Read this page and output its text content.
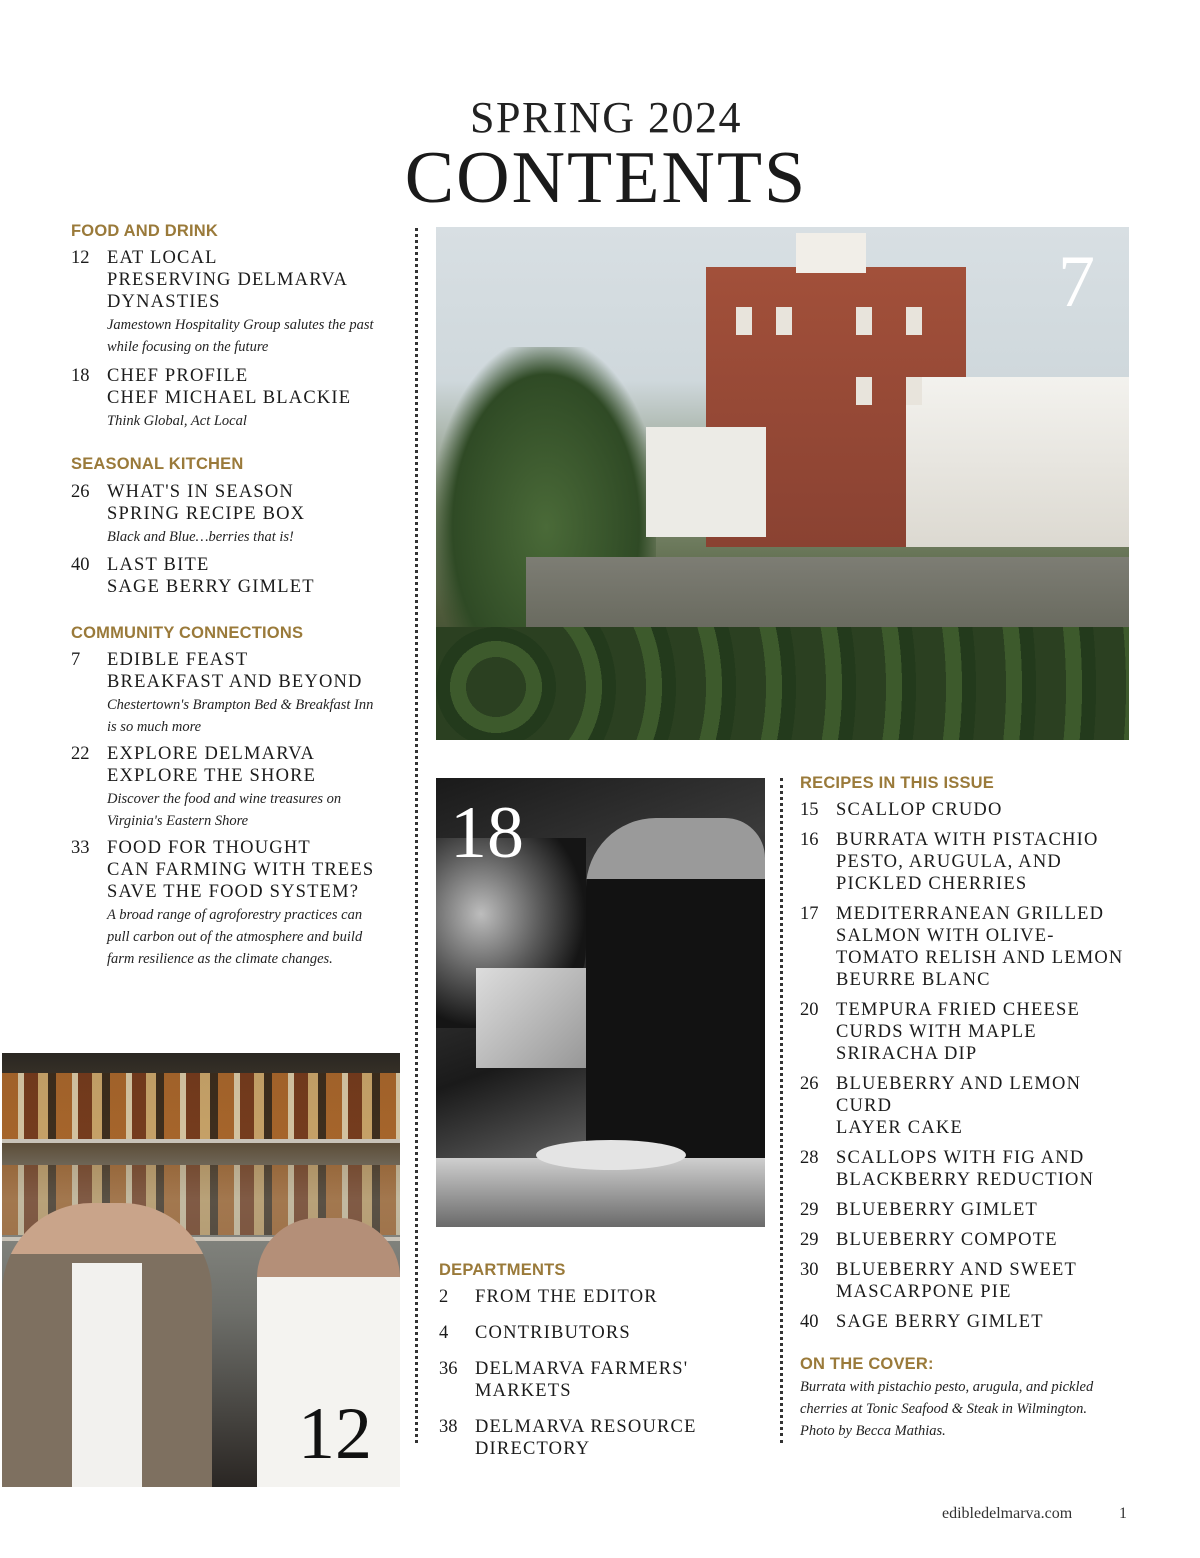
SPRING 2024
CONTENTS
FOOD AND DRINK
12 EAT LOCAL
PRESERVING DELMARVA
DYNASTIES
Jamestown Hospitality Group salutes the past
while focusing on the future
18 CHEF PROFILE
CHEF MICHAEL BLACKIE
Think Global, Act Local
SEASONAL KITCHEN
26 WHAT'S IN SEASON
SPRING RECIPE BOX
Black and Blue…berries that is!
40 LAST BITE
SAGE BERRY GIMLET
COMMUNITY CONNECTIONS
7	EDIBLE FEAST
BREAKFAST AND BEYOND
Chestertown's Brampton Bed & Breakfast Inn
is so much more
22 EXPLORE DELMARVA
EXPLORE THE SHORE
Discover the food and wine treasures on
Virginia's Eastern Shore
33 FOOD FOR THOUGHT
CAN FARMING WITH TREES
SAVE THE FOOD SYSTEM?
A broad range of agroforestry practices can
pull carbon out of the atmosphere and build
farm resilience as the climate changes.
7
18
12
DEPARTMENTS
2	FROM THE EDITOR
4	CONTRIBUTORS
36 DELMARVA FARMERS' MARKETS
38 DELMARVA RESOURCE
DIRECTORY
RECIPES IN THIS ISSUE
15 SCALLOP CRUDO
16 BURRATA WITH PISTACHIO
PESTO, ARUGULA, AND
PICKLED CHERRIES
17 MEDITERRANEAN GRILLED
SALMON WITH OLIVE-
TOMATO RELISH AND LEMON
BEURRE BLANC
20 TEMPURA FRIED CHEESE
CURDS WITH MAPLE
SRIRACHA DIP
26 BLUEBERRY AND LEMON CURD
LAYER CAKE
28 SCALLOPS WITH FIG AND
BLACKBERRY REDUCTION
29 BLUEBERRY GIMLET
29 BLUEBERRY COMPOTE
30 BLUEBERRY AND SWEET
MASCARPONE PIE
40 SAGE BERRY GIMLET
ON THE COVER:
Burrata with pistachio pesto, arugula, and pickled
cherries at Tonic Seafood & Steak in Wilmington.
Photo by Becca Mathias.
edibledelmarva.com	1
